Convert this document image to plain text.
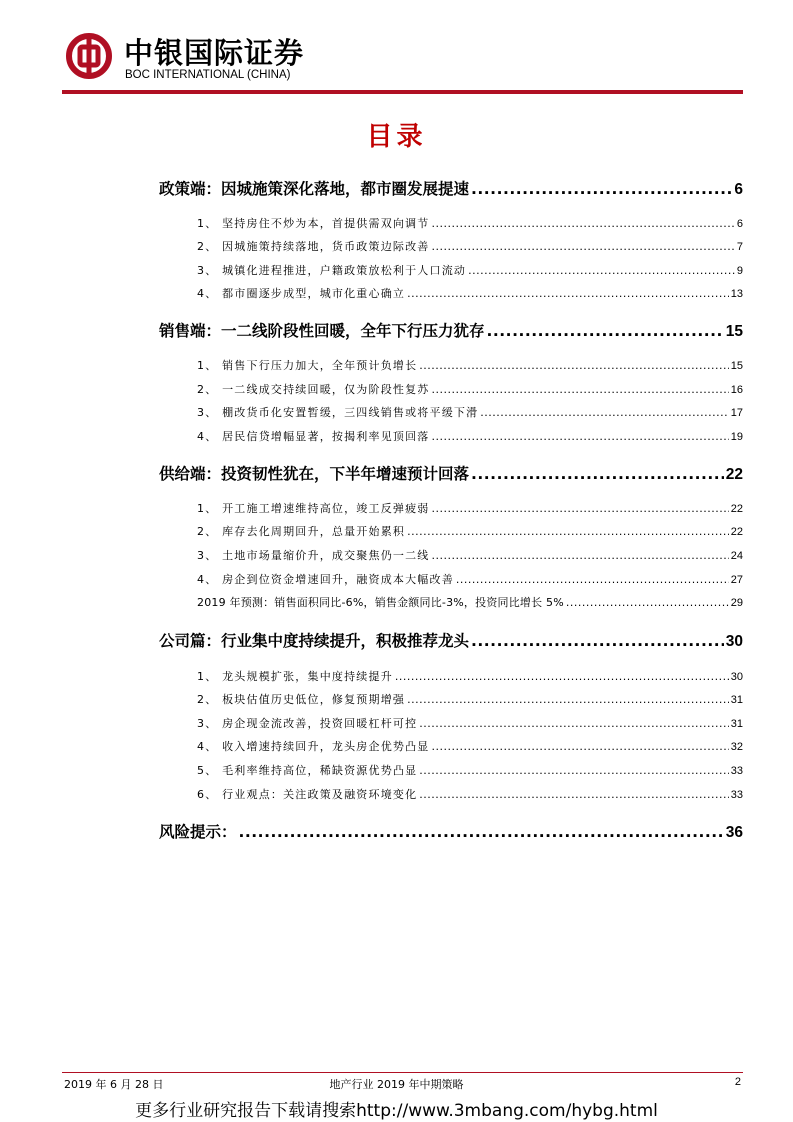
中银国际证券
BOC INTERNATIONAL (CHINA)
目录
政策端：因城施策深化落地，都市圈发展提速 .....	6
1、 坚持房住不炒为本，首提供需双向调节 .....	6
2、 因城施策持续落地，货币政策边际改善 .....	7
3、 城镇化进程推进，户籍政策放松利于人口流动 .....	9
4、 都市圈逐步成型，城市化重心确立 .....	13
销售端：一二线阶段性回暖，全年下行压力犹存 .....	15
1、 销售下行压力加大，全年预计负增长 .....	15
2、 一二线成交持续回暖，仅为阶段性复苏 .....	16
3、 棚改货币化安置暂缓，三四线销售或将平缓下滑 .....	17
4、 居民信贷增幅显著，按揭利率见顶回落 .....	19
供给端：投资韧性犹在，下半年增速预计回落 .....	22
1、 开工施工增速维持高位，竣工反弹疲弱 .....	22
2、 库存去化周期回升，总量开始累积 .....	22
3、 土地市场量缩价升，成交聚焦仍一二线 .....	24
4、 房企到位资金增速回升，融资成本大幅改善 .....	27
2019 年预测：销售面积同比-6%，销售金额同比-3%，投资同比增长 5% .....	29
公司篇：行业集中度持续提升，积极推荐龙头 .....	30
1、 龙头规模扩张，集中度持续提升 .....	30
2、 板块估值历史低位，修复预期增强 .....	31
3、 房企现金流改善，投资回暖杠杆可控 .....	31
4、 收入增速持续回升，龙头房企优势凸显 .....	32
5、 毛利率维持高位，稀缺资源优势凸显 .....	33
6、 行业观点：关注政策及融资环境变化 .....	33
风险提示： .....	36
2019 年 6 月 28 日	地产行业 2019 年中期策略	2
更多行业研究报告下载请搜索http://www.3mbang.com/hybg.html
